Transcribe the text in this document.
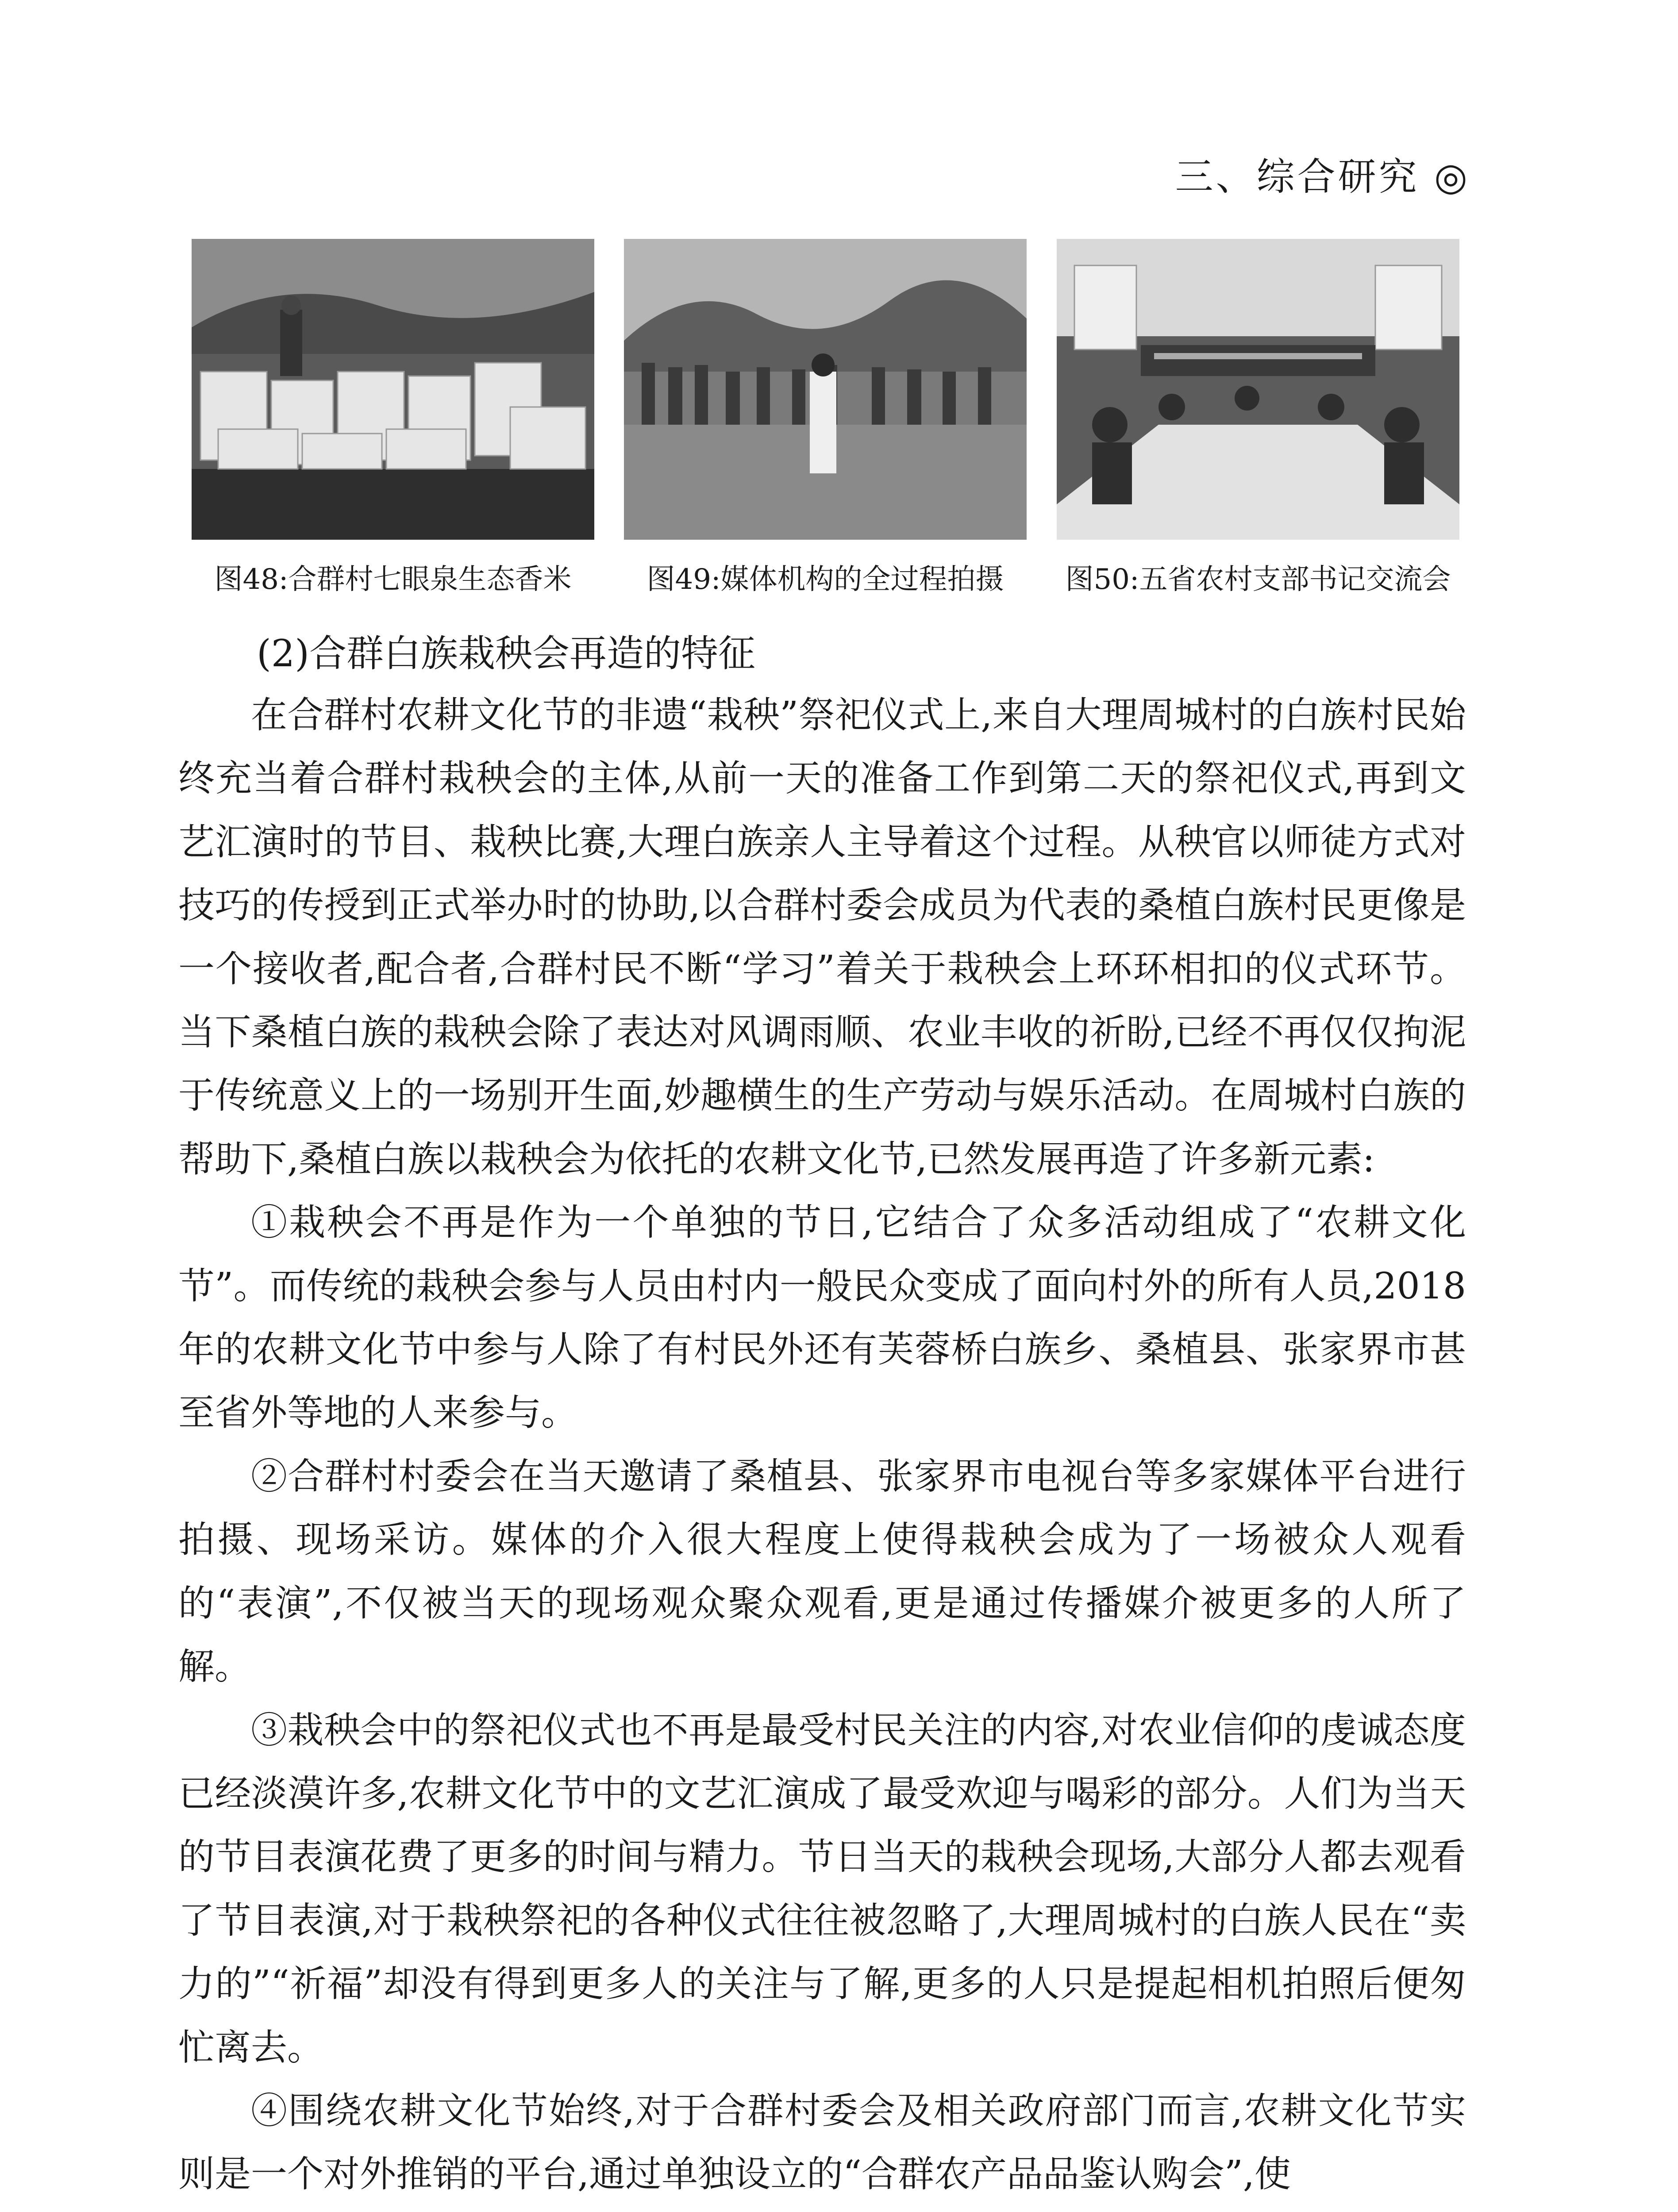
三、综合研究 ◎
图48:合群村七眼泉生态香米	图49:媒体机构的全过程拍摄	图50:五省农村支部书记交流会
(2)合群白族栽秧会再造的特征

在合群村农耕文化节的非遗“栽秧”祭祀仪式上,来自大理周城村的白族村民始终充当着合群村栽秧会的主体,从前一天的准备工作到第二天的祭祀仪式,再到文艺汇演时的节目、栽秧比赛,大理白族亲人主导着这个过程。从秧官以师徒方式对技巧的传授到正式举办时的协助,以合群村委会成员为代表的桑植白族村民更像是一个接收者,配合者,合群村民不断“学习”着关于栽秧会上环环相扣的仪式环节。当下桑植白族的栽秧会除了表达对风调雨顺、农业丰收的祈盼,已经不再仅仅拘泥于传统意义上的一场别开生面,妙趣横生的生产劳动与娱乐活动。在周城村白族的帮助下,桑植白族以栽秧会为依托的农耕文化节,已然发展再造了许多新元素:

①栽秧会不再是作为一个单独的节日,它结合了众多活动组成了“农耕文化节”。而传统的栽秧会参与人员由村内一般民众变成了面向村外的所有人员,2018年的农耕文化节中参与人除了有村民外还有芙蓉桥白族乡、桑植县、张家界市甚至省外等地的人来参与。

②合群村村委会在当天邀请了桑植县、张家界市电视台等多家媒体平台进行拍摄、现场采访。媒体的介入很大程度上使得栽秧会成为了一场被众人观看的“表演”,不仅被当天的现场观众聚众观看,更是通过传播媒介被更多的人所了解。

③栽秧会中的祭祀仪式也不再是最受村民关注的内容,对农业信仰的虔诚态度已经淡漠许多,农耕文化节中的文艺汇演成了最受欢迎与喝彩的部分。人们为当天的节目表演花费了更多的时间与精力。节日当天的栽秧会现场,大部分人都去观看了节目表演,对于栽秧祭祀的各种仪式往往被忽略了,大理周城村的白族人民在“卖力的”“祈福”却没有得到更多人的关注与了解,更多的人只是提起相机拍照后便匆忙离去。

④围绕农耕文化节始终,对于合群村委会及相关政府部门而言,农耕文化节实则是一个对外推销的平台,通过单独设立的“合群农产品品鉴认购会”,使
